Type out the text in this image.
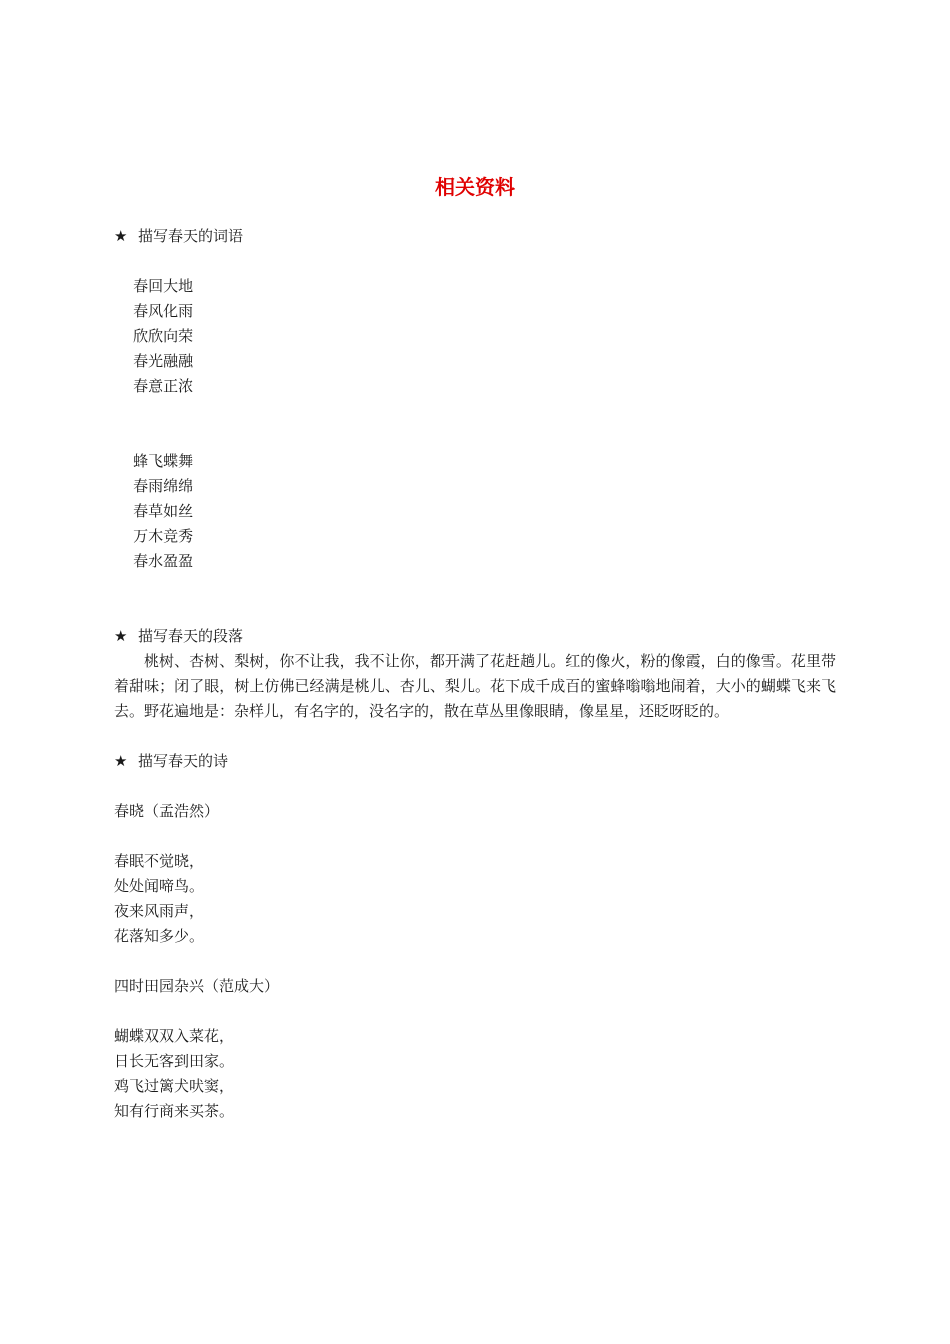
相关资料
★ 描写春天的词语

春回大地
春风化雨
欣欣向荣
春光融融
春意正浓

蜂飞蝶舞
春雨绵绵
春草如丝
万木竞秀
春水盈盈

★ 描写春天的段落

桃树、杏树、梨树，你不让我，我不让你，都开满了花赶趟儿。红的像火，粉的像霞，白的像雪。花里带着甜味；闭了眼，树上仿佛已经满是桃儿、杏儿、梨儿。花下成千成百的蜜蜂嗡嗡地闹着，大小的蝴蝶飞来飞去。野花遍地是：杂样儿，有名字的，没名字的，散在草丛里像眼睛，像星星，还眨呀眨的。

★ 描写春天的诗
春晓（孟浩然）
春眠不觉晓，
处处闻啼鸟。
夜来风雨声，
花落知多少。
四时田园杂兴（范成大）
蝴蝶双双入菜花，
日长无客到田家。
鸡飞过篱犬吠窦，
知有行商来买茶。
